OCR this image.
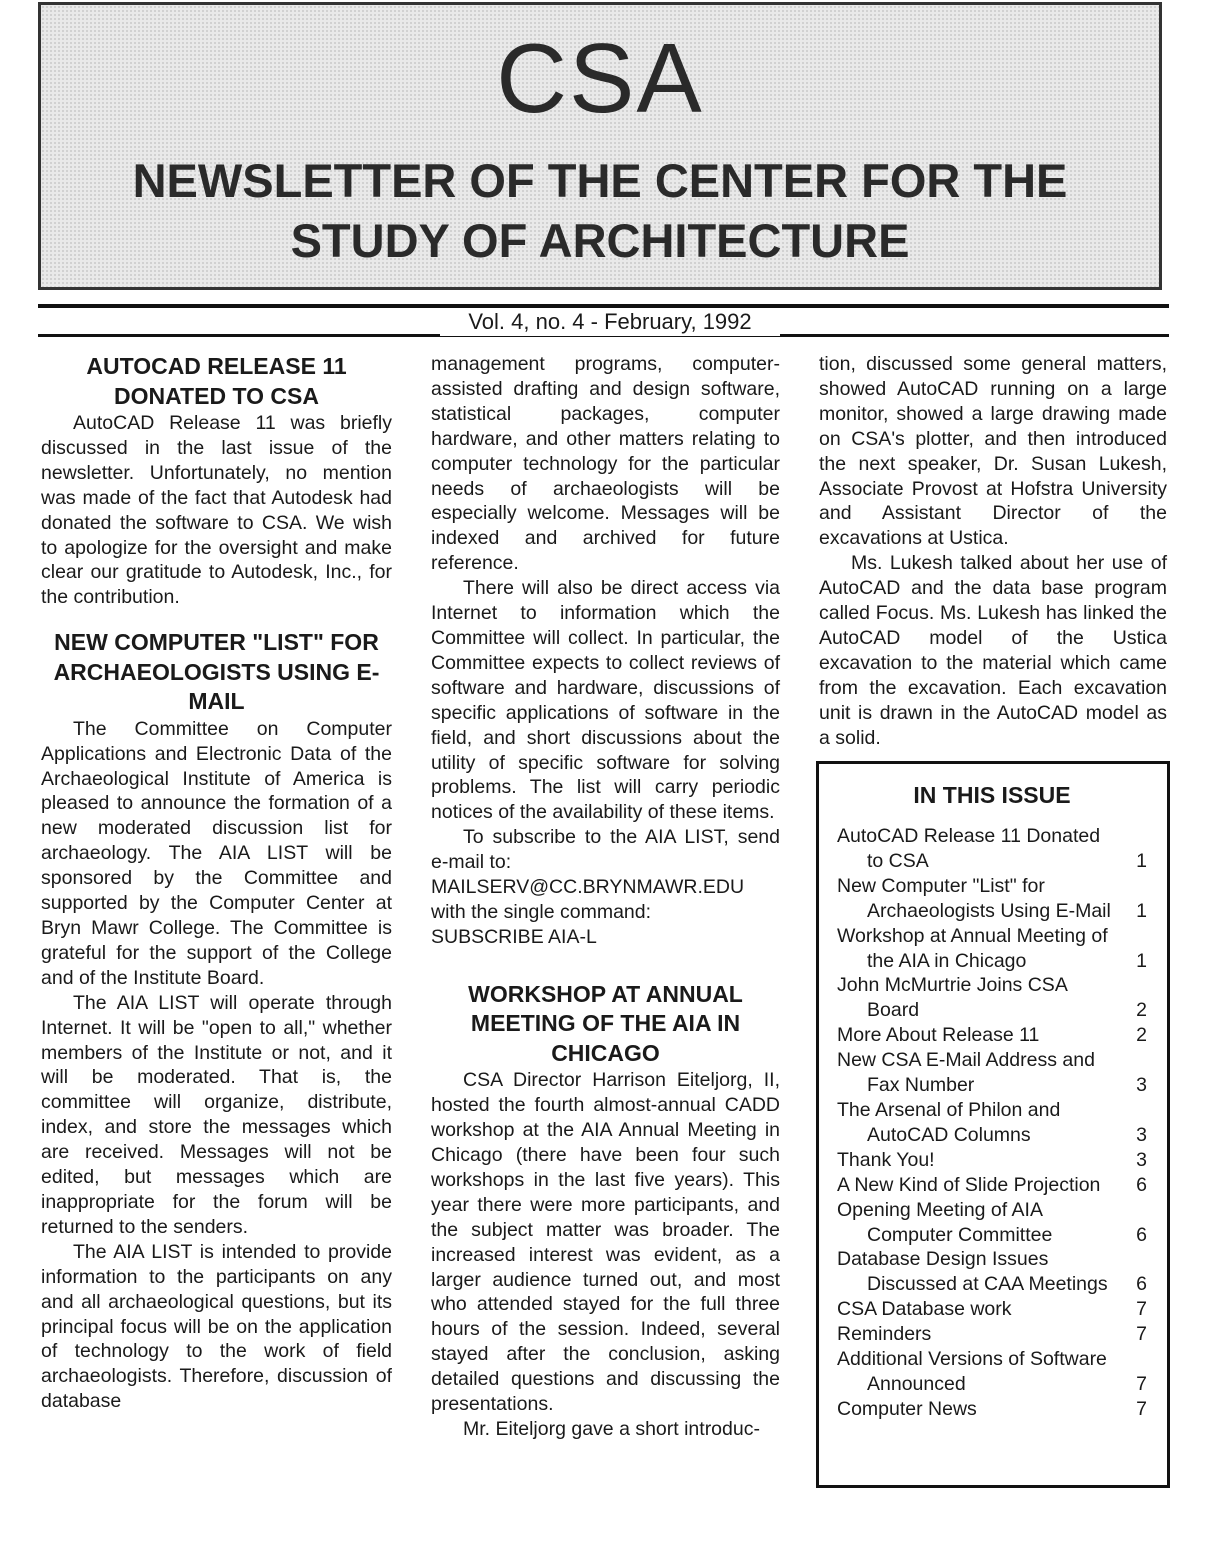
CSA
NEWSLETTER OF THE CENTER FOR THE
STUDY OF ARCHITECTURE
Vol. 4, no. 4 - February, 1992
AUTOCAD RELEASE 11 DONATED TO CSA

AutoCAD Release 11 was briefly discussed in the last issue of the newsletter. Unfortunately, no mention was made of the fact that Autodesk had donated the software to CSA. We wish to apologize for the oversight and make clear our gratitude to Autodesk, Inc., for the contribution.

NEW COMPUTER "LIST" FOR ARCHAEOLOGISTS USING E-MAIL

The Committee on Computer Applications and Electronic Data of the Archaeological Institute of America is pleased to announce the formation of a new moderated discussion list for archaeology. The AIA LIST will be sponsored by the Committee and supported by the Computer Center at Bryn Mawr College. The Committee is grateful for the support of the College and of the Institute Board.

The AIA LIST will operate through Internet. It will be "open to all," whether members of the Institute or not, and it will be moderated. That is, the committee will organize, distribute, index, and store the messages which are received. Messages will not be edited, but messages which are inappropriate for the forum will be returned to the senders.

The AIA LIST is intended to provide information to the participants on any and all archaeological questions, but its principal focus will be on the application of technology to the work of field archaeologists. Therefore, discussion of database

management programs, computer-assisted drafting and design software, statistical packages, computer hardware, and other matters relating to computer technology for the particular needs of archaeologists will be especially welcome. Messages will be indexed and archived for future reference.

There will also be direct access via Internet to information which the Committee will collect. In particular, the Committee expects to collect reviews of software and hardware, discussions of specific applications of software in the field, and short discussions about the utility of specific software for solving problems. The list will carry periodic notices of the availability of these items.

To subscribe to the AIA LIST, send e-mail to:

MAILSERV@CC.BRYNMAWR.EDU

with the single command:

SUBSCRIBE AIA-L

WORKSHOP AT ANNUAL MEETING OF THE AIA IN CHICAGO

CSA Director Harrison Eiteljorg, II, hosted the fourth almost-annual CADD workshop at the AIA Annual Meeting in Chicago (there have been four such workshops in the last five years). This year there were more participants, and the subject matter was broader. The increased interest was evident, as a larger audience turned out, and most who attended stayed for the full three hours of the session. Indeed, several stayed after the conclusion, asking detailed questions and discussing the presentations.

Mr. Eiteljorg gave a short introduc-

tion, discussed some general matters, showed AutoCAD running on a large monitor, showed a large drawing made on CSA's plotter, and then introduced the next speaker, Dr. Susan Lukesh, Associate Provost at Hofstra University and Assistant Director of the excavations at Ustica.

Ms. Lukesh talked about her use of AutoCAD and the data base program called Focus. Ms. Lukesh has linked the AutoCAD model of the Ustica excavation to the material which came from the excavation. Each excavation unit is drawn in the AutoCAD model as a solid.

IN THIS ISSUE
AutoCAD Release 11 Donated to CSA	1
New Computer "List" for Archaeologists Using E-Mail 1
Workshop at Annual Meeting of the AIA in Chicago	1
John McMurtrie Joins CSA Board	2
More About Release 11	2
New CSA E-Mail Address and Fax Number	3
The Arsenal of Philon and AutoCAD Columns	3
Thank You!	3
A New Kind of Slide Projection 6
Opening Meeting of AIA Computer Committee	6
Database Design Issues Discussed at CAA Meetings 6
CSA Database work	7
Reminders	7
Additional Versions of Software Announced	7
Computer News	7
